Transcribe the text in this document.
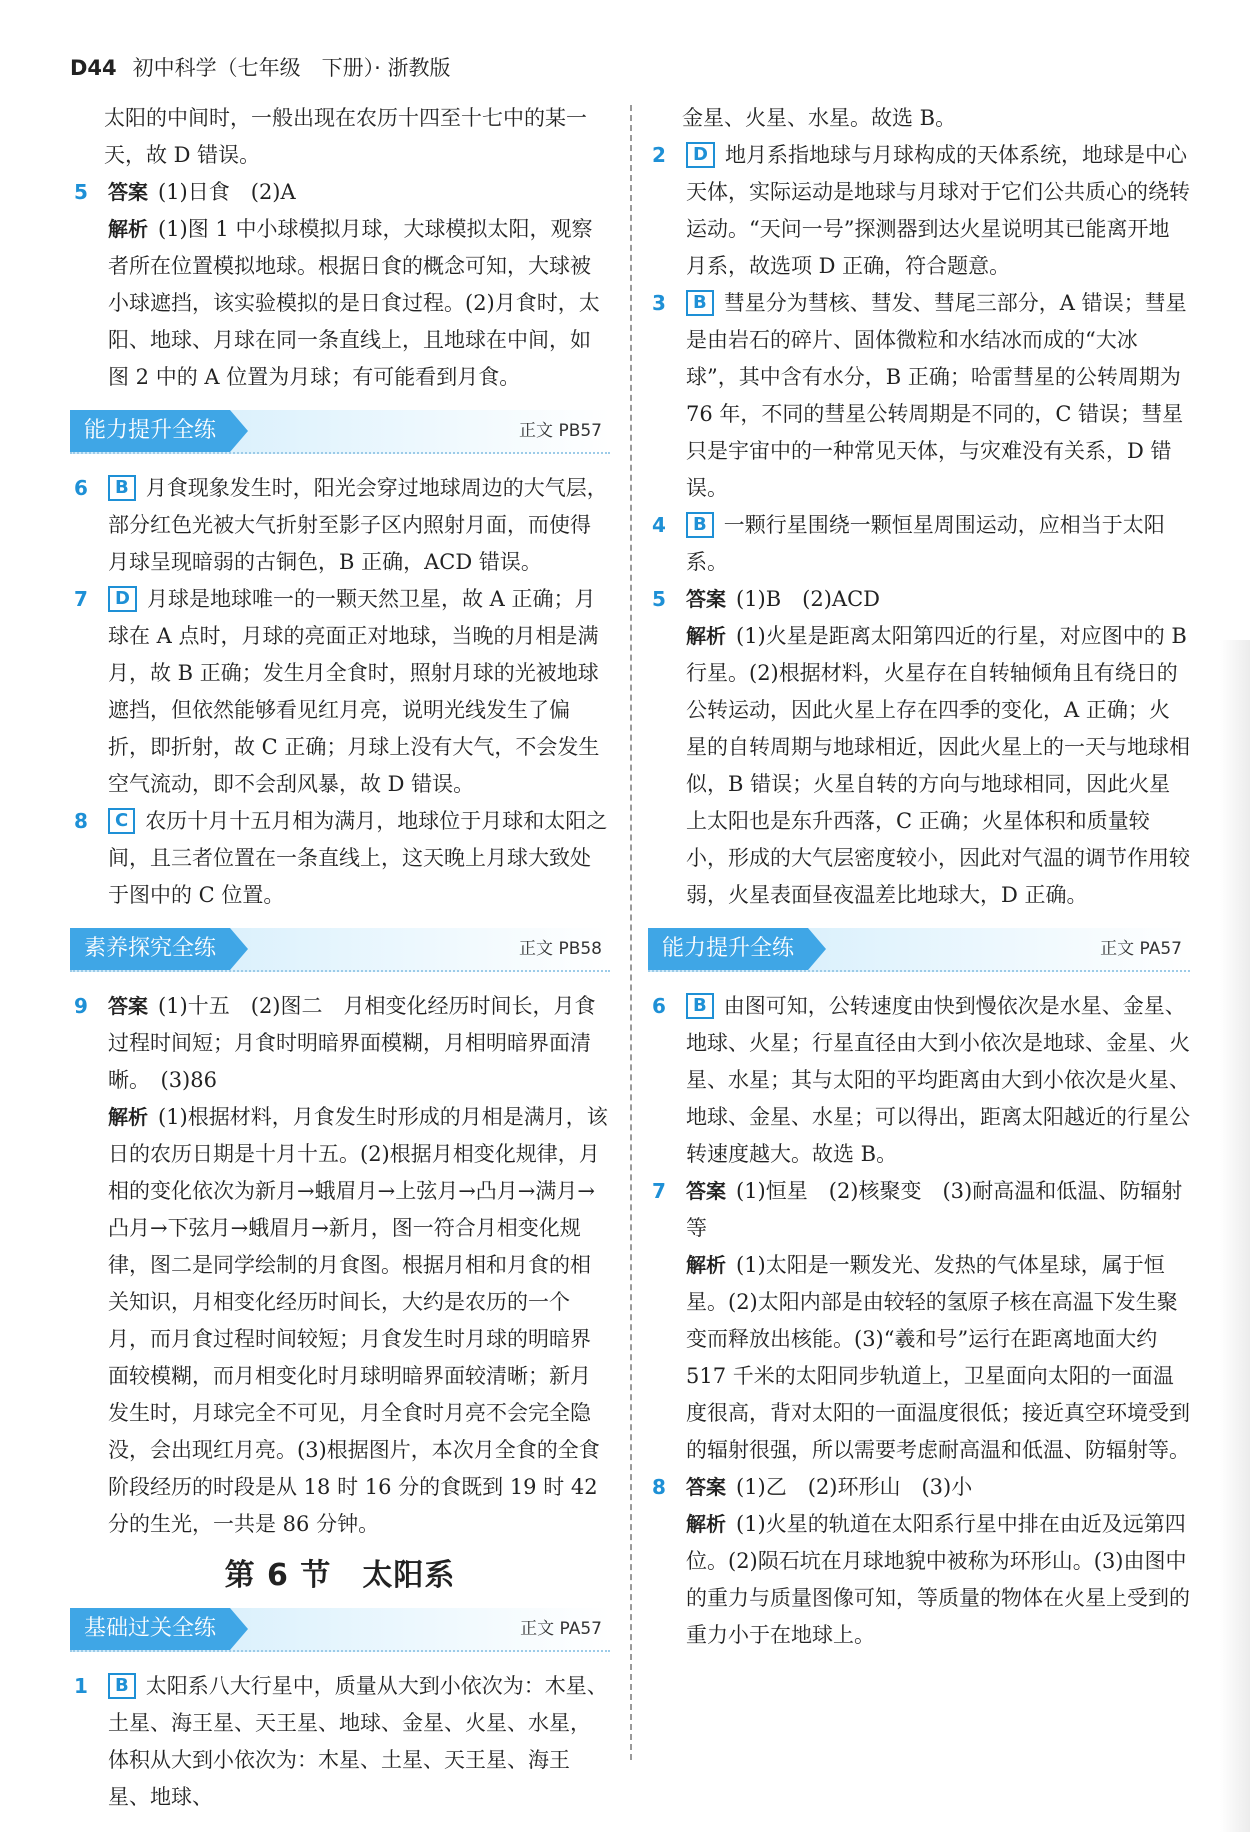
D44 初中科学（七年级　下册）· 浙教版
太阳的中间时，一般出现在农历十四至十七中的某一天，故 D 错误。
5	答案 (1)日食　(2)A
解析 (1)图 1 中小球模拟月球，大球模拟太阳，观察者所在位置模拟地球。根据日食的概念可知，大球被小球遮挡，该实验模拟的是日食过程。(2)月食时，太阳、地球、月球在同一条直线上，且地球在中间，如图 2 中的 A 位置为月球；有可能看到月食。
能力提升全练	正文 PB57
6	B 月食现象发生时，阳光会穿过地球周边的大气层，部分红色光被大气折射至影子区内照射月面，而使得月球呈现暗弱的古铜色，B 正确，ACD 错误。
7	D 月球是地球唯一的一颗天然卫星，故 A 正确；月球在 A 点时，月球的亮面正对地球，当晚的月相是满月，故 B 正确；发生月全食时，照射月球的光被地球遮挡，但依然能够看见红月亮，说明光线发生了偏折，即折射，故 C 正确；月球上没有大气，不会发生空气流动，即不会刮风暴，故 D 错误。
8	C 农历十月十五月相为满月，地球位于月球和太阳之间，且三者位置在一条直线上，这天晚上月球大致处于图中的 C 位置。
素养探究全练	正文 PB58
9	答案 (1)十五　(2)图二　月相变化经历时间长，月食过程时间短；月食时明暗界面模糊，月相明暗界面清晰。　(3)86
解析 (1)根据材料，月食发生时形成的月相是满月，该日的农历日期是十月十五。(2)根据月相变化规律，月相的变化依次为新月→蛾眉月→上弦月→凸月→满月→凸月→下弦月→蛾眉月→新月，图一符合月相变化规律，图二是同学绘制的月食图。根据月相和月食的相关知识，月相变化经历时间长，大约是农历的一个月，而月食过程时间较短；月食发生时月球的明暗界面较模糊，而月相变化时月球明暗界面较清晰；新月发生时，月球完全不可见，月全食时月亮不会完全隐没，会出现红月亮。(3)根据图片，本次月全食的全食阶段经历的时段是从 18 时 16 分的食既到 19 时 42 分的生光，一共是 86 分钟。
第 6 节　太阳系
基础过关全练	正文 PA57
1	B 太阳系八大行星中，质量从大到小依次为：木星、土星、海王星、天王星、地球、金星、火星、水星，体积从大到小依次为：木星、土星、天王星、海王星、地球、
金星、火星、水星。故选 B。
2	D 地月系指地球与月球构成的天体系统，地球是中心天体，实际运动是地球与月球对于它们公共质心的绕转运动。“天问一号”探测器到达火星说明其已能离开地月系，故选项 D 正确，符合题意。
3	B 彗星分为彗核、彗发、彗尾三部分，A 错误；彗星是由岩石的碎片、固体微粒和水结冰而成的“大冰球”，其中含有水分，B 正确；哈雷彗星的公转周期为 76 年，不同的彗星公转周期是不同的，C 错误；彗星只是宇宙中的一种常见天体，与灾难没有关系，D 错误。
4	B 一颗行星围绕一颗恒星周围运动，应相当于太阳系。
5	答案 (1)B　(2)ACD
解析 (1)火星是距离太阳第四近的行星，对应图中的 B 行星。(2)根据材料，火星存在自转轴倾角且有绕日的公转运动，因此火星上存在四季的变化，A 正确；火星的自转周期与地球相近，因此火星上的一天与地球相似，B 错误；火星自转的方向与地球相同，因此火星上太阳也是东升西落，C 正确；火星体积和质量较小，形成的大气层密度较小，因此对气温的调节作用较弱，火星表面昼夜温差比地球大，D 正确。
能力提升全练	正文 PA57
6	B 由图可知，公转速度由快到慢依次是水星、金星、地球、火星；行星直径由大到小依次是地球、金星、火星、水星；其与太阳的平均距离由大到小依次是火星、地球、金星、水星；可以得出，距离太阳越近的行星公转速度越大。故选 B。
7	答案 (1)恒星　(2)核聚变　(3)耐高温和低温、防辐射等
解析 (1)太阳是一颗发光、发热的气体星球，属于恒星。(2)太阳内部是由较轻的氢原子核在高温下发生聚变而释放出核能。(3)“羲和号”运行在距离地面大约 517 千米的太阳同步轨道上，卫星面向太阳的一面温度很高，背对太阳的一面温度很低；接近真空环境受到的辐射很强，所以需要考虑耐高温和低温、防辐射等。
8	答案 (1)乙　(2)环形山　(3)小
解析 (1)火星的轨道在太阳系行星中排在由近及远第四位。(2)陨石坑在月球地貌中被称为环形山。(3)由图中的重力与质量图像可知，等质量的物体在火星上受到的重力小于在地球上。
